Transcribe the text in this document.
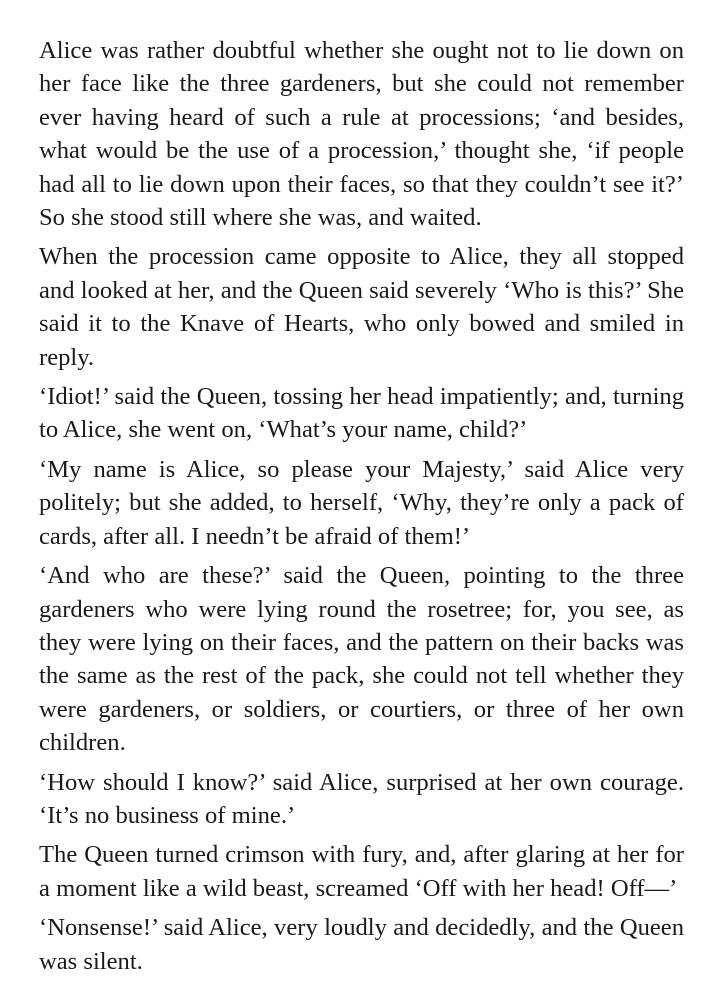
Alice was rather doubtful whether she ought not to lie down on her face like the three gardeners, but she could not remember ever having heard of such a rule at processions; ‘and besides, what would be the use of a procession,’ thought she, ‘if people had all to lie down upon their faces, so that they couldn’t see it?’ So she stood still where she was, and waited.

When the procession came opposite to Alice, they all stopped and looked at her, and the Queen said severely ‘Who is this?’ She said it to the Knave of Hearts, who only bowed and smiled in reply.

‘Idiot!’ said the Queen, tossing her head impatiently; and, turning to Alice, she went on, ‘What’s your name, child?’

‘My name is Alice, so please your Majesty,’ said Alice very politely; but she added, to herself, ‘Why, they’re only a pack of cards, after all. I needn’t be afraid of them!’

‘And who are these?’ said the Queen, pointing to the three gardeners who were lying round the rosetree; for, you see, as they were lying on their faces, and the pattern on their backs was the same as the rest of the pack, she could not tell whether they were gardeners, or soldiers, or courtiers, or three of her own children.

‘How should I know?’ said Alice, surprised at her own courage. ‘It’s no business of mine.’

The Queen turned crimson with fury, and, after glaring at her for a moment like a wild beast, screamed ‘Off with her head! Off—’

‘Nonsense!’ said Alice, very loudly and decidedly, and the Queen was silent.
